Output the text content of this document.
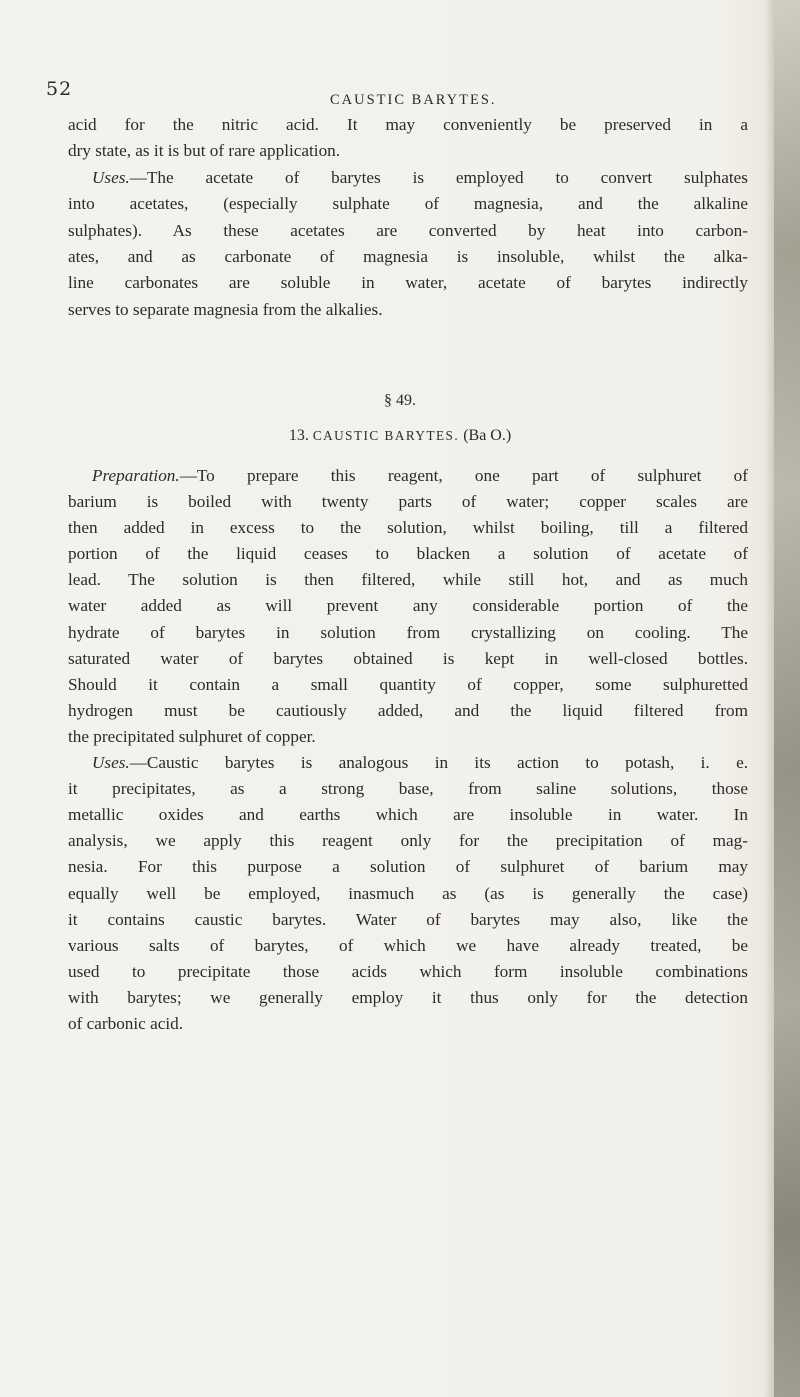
52	CAUSTIC BARYTES.
acid for the nitric acid. It may conveniently be preserved in a
dry state, as it is but of rare application.
Uses.—The acetate of barytes is employed to convert sulphates
into acetates, (especially sulphate of magnesia, and the alkaline
sulphates). As these acetates are converted by heat into carbon-
ates, and as carbonate of magnesia is insoluble, whilst the alka-
line carbonates are soluble in water, acetate of barytes indirectly
serves to separate magnesia from the alkalies.
§ 49.
13. CAUSTIC BARYTES. (Ba O.)
Preparation.—To prepare this reagent, one part of sulphuret of
barium is boiled with twenty parts of water; copper scales are
then added in excess to the solution, whilst boiling, till a filtered
portion of the liquid ceases to blacken a solution of acetate of
lead. The solution is then filtered, while still hot, and as much
water added as will prevent any considerable portion of the
hydrate of barytes in solution from crystallizing on cooling. The
saturated water of barytes obtained is kept in well-closed bottles.
Should it contain a small quantity of copper, some sulphuretted
hydrogen must be cautiously added, and the liquid filtered from
the precipitated sulphuret of copper.
Uses.—Caustic barytes is analogous in its action to potash, i. e.
it precipitates, as a strong base, from saline solutions, those
metallic oxides and earths which are insoluble in water. In
analysis, we apply this reagent only for the precipitation of mag-
nesia. For this purpose a solution of sulphuret of barium may
equally well be employed, inasmuch as (as is generally the case)
it contains caustic barytes. Water of barytes may also, like the
various salts of barytes, of which we have already treated, be
used to precipitate those acids which form insoluble combinations
with barytes; we generally employ it thus only for the detection
of carbonic acid.
